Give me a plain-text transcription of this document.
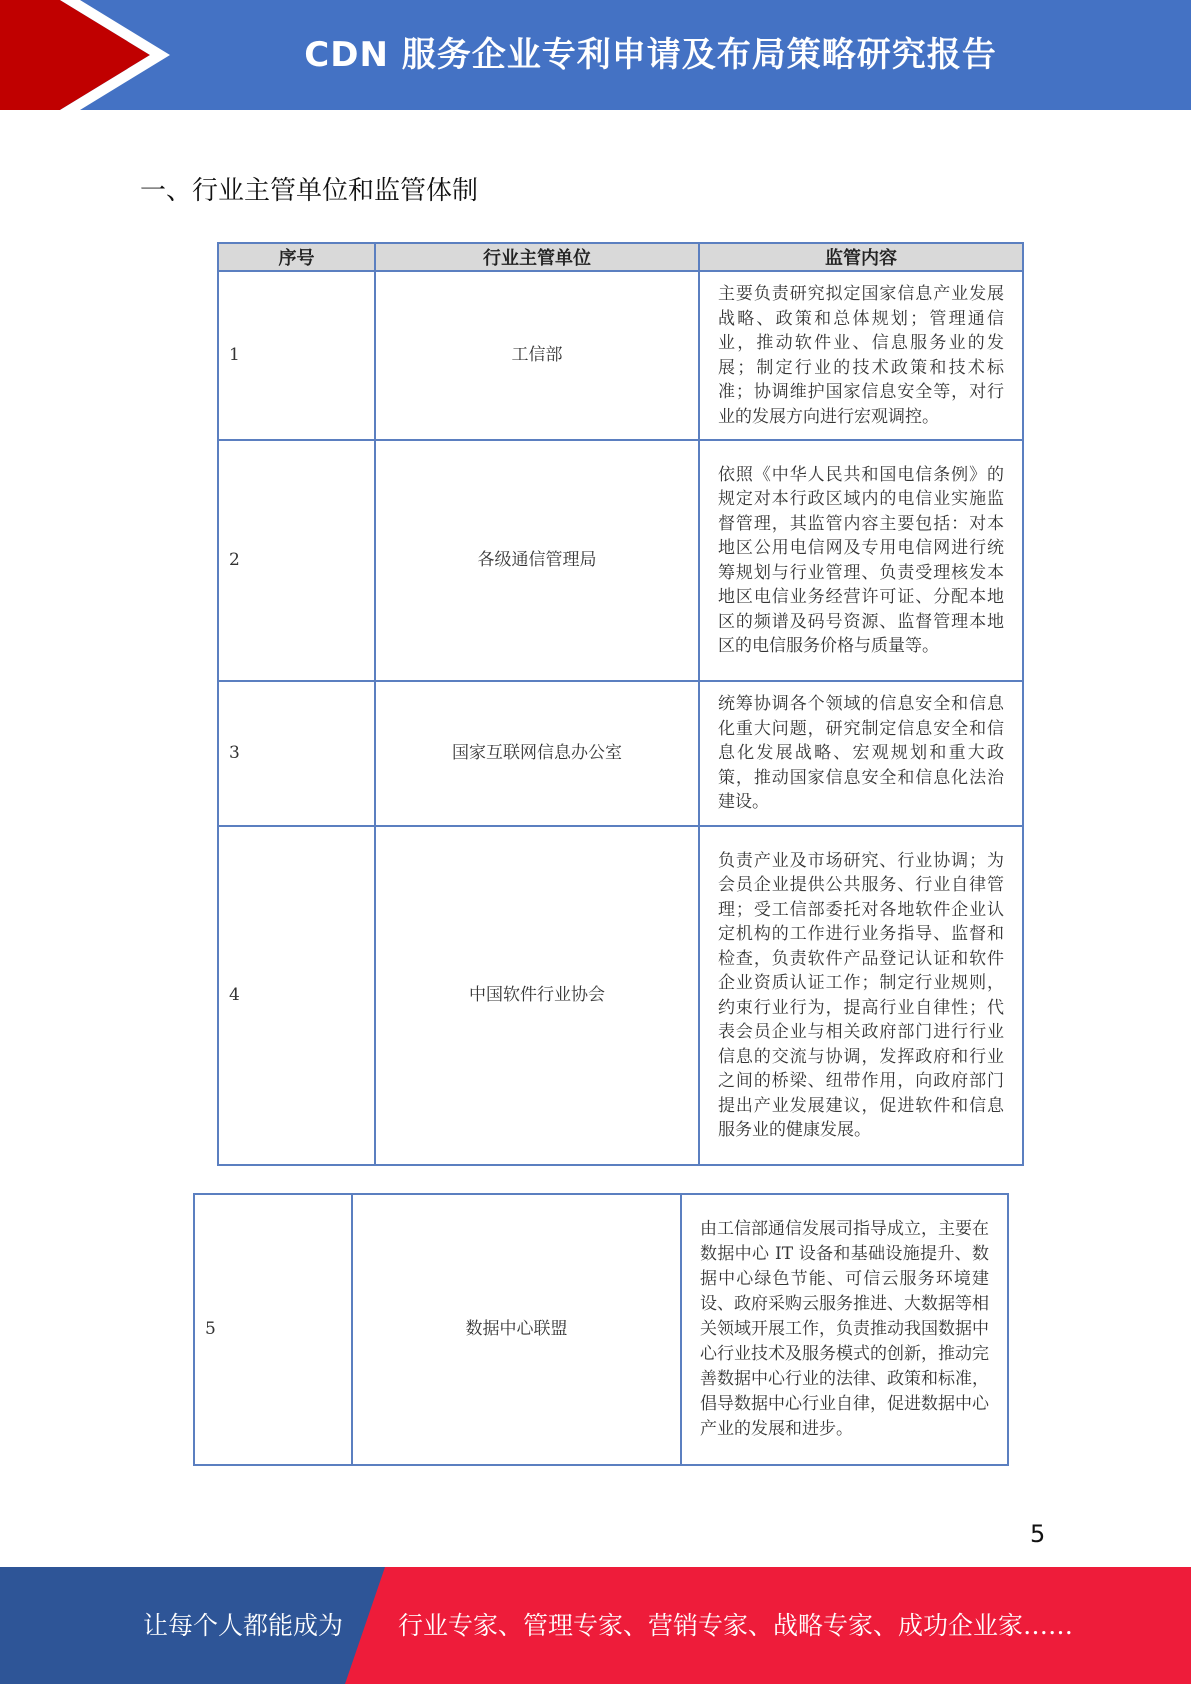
CDN 服务企业专利申请及布局策略研究报告
一、行业主管单位和监管体制
序号	行业主管单位	监管内容
1	工信部	主要负责研究拟定国家信息产业发展战略、政策和总体规划；管理通信业，推动软件业、信息服务业的发展；制定行业的技术政策和技术标准；协调维护国家信息安全等，对行业的发展方向进行宏观调控。
2	各级通信管理局	依照《中华人民共和国电信条例》的规定对本行政区域内的电信业实施监督管理，其监管内容主要包括：对本地区公用电信网及专用电信网进行统筹规划与行业管理、负责受理核发本地区电信业务经营许可证、分配本地区的频谱及码号资源、监督管理本地区的电信服务价格与质量等。
3	国家互联网信息办公室	统筹协调各个领域的信息安全和信息化重大问题，研究制定信息安全和信息化发展战略、宏观规划和重大政策，推动国家信息安全和信息化法治建设。
4	中国软件行业协会	负责产业及市场研究、行业协调；为会员企业提供公共服务、行业自律管理；受工信部委托对各地软件企业认定机构的工作进行业务指导、监督和检查，负责软件产品登记认证和软件企业资质认证工作；制定行业规则，约束行业行为，提高行业自律性；代表会员企业与相关政府部门进行行业信息的交流与协调，发挥政府和行业之间的桥梁、纽带作用，向政府部门提出产业发展建议，促进软件和信息服务业的健康发展。
5	数据中心联盟	由工信部通信发展司指导成立，主要在数据中心 IT 设备和基础设施提升、数据中心绿色节能、可信云服务环境建设、政府采购云服务推进、大数据等相关领域开展工作，负责推动我国数据中心行业技术及服务模式的创新，推动完善数据中心行业的法律、政策和标准，倡导数据中心行业自律，促进数据中心产业的发展和进步。
5
让每个人都能成为 行业专家、管理专家、营销专家、战略专家、成功企业家……
